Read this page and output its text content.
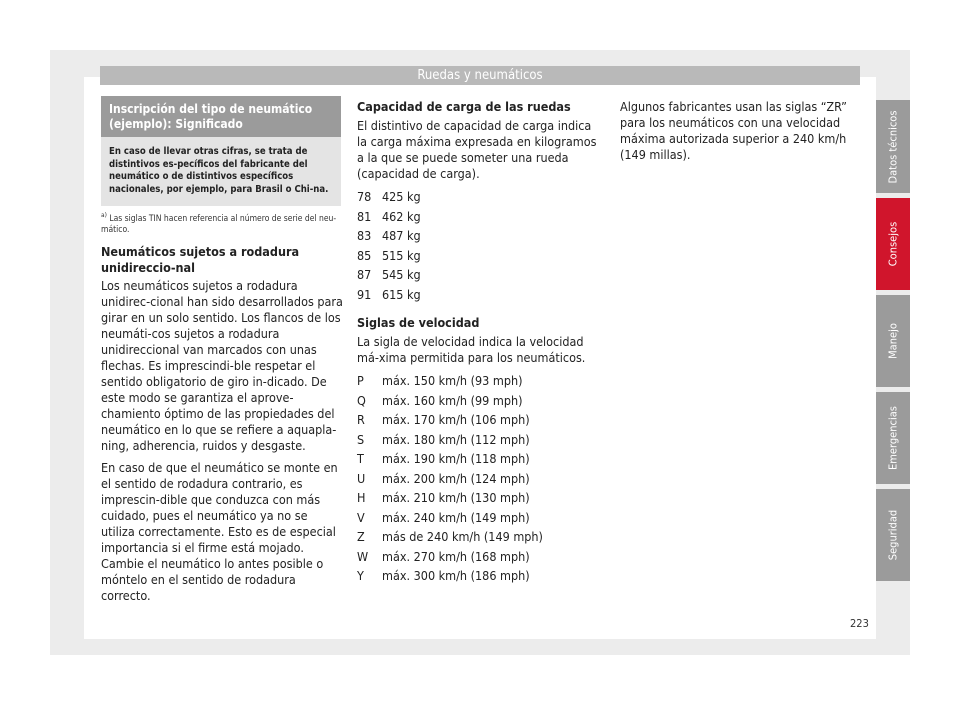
Ruedas y neumáticos
Inscripción del tipo de neumático (ejemplo): Significado
En caso de llevar otras cifras, se trata de distintivos es-pecíficos del fabricante del neumático o de distintivos específicos nacionales, por ejemplo, para Brasil o Chi-na.
$^{a)}$ Las siglas TIN hacen referencia al número de serie del neu-mático.
Neumáticos sujetos a rodadura unidireccio-nal

Los neumáticos sujetos a rodadura unidirec-cional han sido desarrollados para girar en un solo sentido. Los flancos de los neumáti-cos sujetos a rodadura unidireccional van marcados con unas flechas. Es imprescindi-ble respetar el sentido obligatorio de giro in-dicado. De este modo se garantiza el aprove-chamiento óptimo de las propiedades del neumático en lo que se refiere a aquapla-ning, adherencia, ruidos y desgaste.

En caso de que el neumático se monte en el sentido de rodadura contrario, es imprescin-dible que conduzca con más cuidado, pues el neumático ya no se utiliza correctamente. Esto es de especial importancia si el firme está mojado. Cambie el neumático lo antes posible o móntelo en el sentido de rodadura correcto.

Capacidad de carga de las ruedas

El distintivo de capacidad de carga indica la carga máxima expresada en kilogramos a la que se puede someter una rueda (capacidad de carga).

78 425 kg
81 462 kg
83 487 kg
85 515 kg
87 545 kg
91 615 kg
Siglas de velocidad

La sigla de velocidad indica la velocidad má-xima permitida para los neumáticos.

P	máx. 150 km/h (93 mph)
Q	máx. 160 km/h (99 mph)
R	máx. 170 km/h (106 mph)
S	máx. 180 km/h (112 mph)
T	máx. 190 km/h (118 mph)
U	máx. 200 km/h (124 mph)
H	máx. 210 km/h (130 mph)
V	máx. 240 km/h (149 mph)
Z	más de 240 km/h (149 mph)
W	máx. 270 km/h (168 mph)
Y	máx. 300 km/h (186 mph)

Algunos fabricantes usan las siglas “ZR” para los neumáticos con una velocidad máxima autorizada superior a 240 km/h (149 millas).	Datos técnicos
Consejos
Manejo
Emergencias
Seguridad
223
